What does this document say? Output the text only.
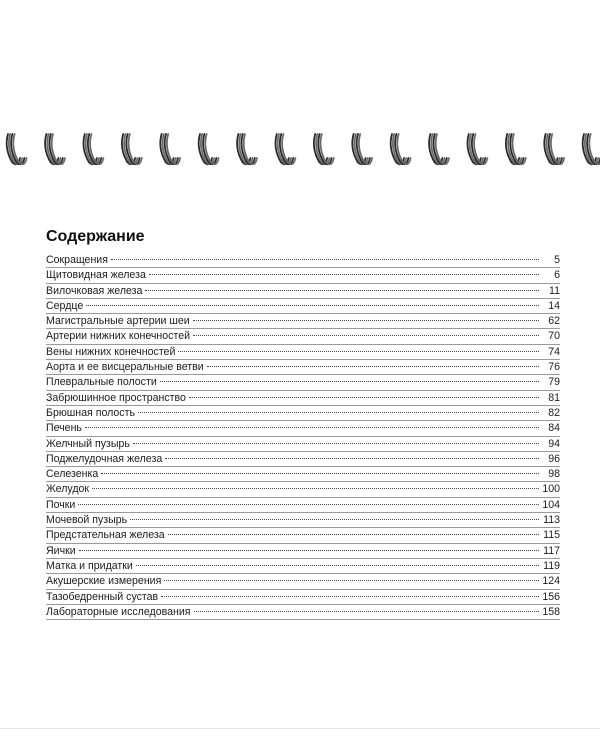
Содержание
Сокращения	5
Щитовидная железа	6
Вилочковая железа	11
Сердце	14
Магистральные артерии шеи	62
Артерии нижних конечностей	70
Вены нижних конечностей	74
Аорта и ее висцеральные ветви	76
Плевральные полости	79
Забрюшинное пространство	81
Брюшная полость	82
Печень	84
Желчный пузырь	94
Поджелудочная железа	96
Селезенка	98
Желудок	100
Почки	104
Мочевой пузырь	113
Предстательная железа	115
Яички	117
Матка и придатки	119
Акушерские измерения	124
Тазобедренный сустав	156
Лабораторные исследования	158
